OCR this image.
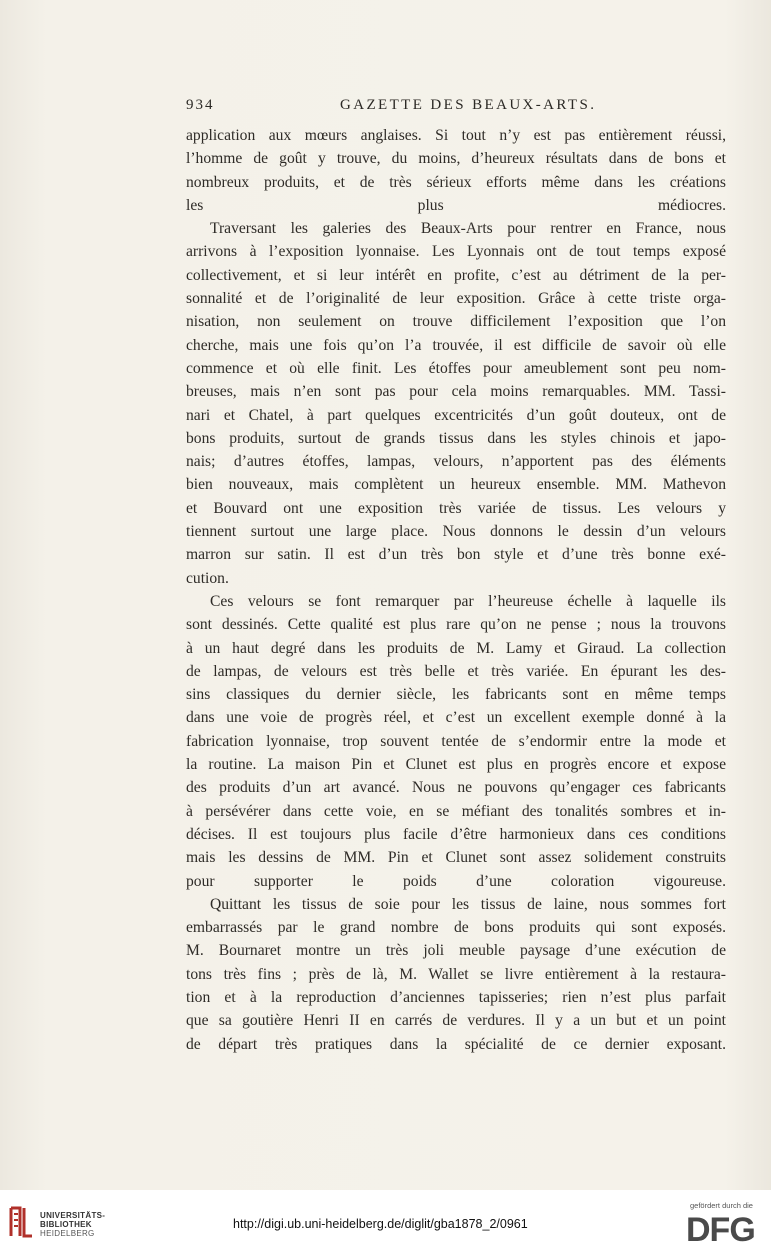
934	GAZETTE DES BEAUX-ARTS.
application aux mœurs anglaises. Si tout n’y est pas entièrement réussi,
l’homme de goût y trouve, du moins, d’heureux résultats dans de bons et
nombreux produits, et de très sérieux efforts même dans les créations
les plus médiocres.
Traversant les galeries des Beaux-Arts pour rentrer en France, nous
arrivons à l’exposition lyonnaise. Les Lyonnais ont de tout temps exposé
collectivement, et si leur intérêt en profite, c’est au détriment de la per-
sonnalité et de l’originalité de leur exposition. Grâce à cette triste orga-
nisation, non seulement on trouve difficilement l’exposition que l’on
cherche, mais une fois qu’on l’a trouvée, il est difficile de savoir où elle
commence et où elle finit. Les étoffes pour ameublement sont peu nom-
breuses, mais n’en sont pas pour cela moins remarquables. MM. Tassi-
nari et Chatel, à part quelques excentricités d’un goût douteux, ont de
bons produits, surtout de grands tissus dans les styles chinois et japo-
nais; d’autres étoffes, lampas, velours, n’apportent pas des éléments
bien nouveaux, mais complètent un heureux ensemble. MM. Mathevon
et Bouvard ont une exposition très variée de tissus. Les velours y
tiennent surtout une large place. Nous donnons le dessin d’un velours
marron sur satin. Il est d’un très bon style et d’une très bonne exé-
cution.
Ces velours se font remarquer par l’heureuse échelle à laquelle ils
sont dessinés. Cette qualité est plus rare qu’on ne pense ; nous la trouvons
à un haut degré dans les produits de M. Lamy et Giraud. La collection
de lampas, de velours est très belle et très variée. En épurant les des-
sins classiques du dernier siècle, les fabricants sont en même temps
dans une voie de progrès réel, et c’est un excellent exemple donné à la
fabrication lyonnaise, trop souvent tentée de s’endormir entre la mode et
la routine. La maison Pin et Clunet est plus en progrès encore et expose
des produits d’un art avancé. Nous ne pouvons qu’engager ces fabricants
à persévérer dans cette voie, en se méfiant des tonalités sombres et in-
décises. Il est toujours plus facile d’être harmonieux dans ces conditions
mais les dessins de MM. Pin et Clunet sont assez solidement construits
pour supporter le poids d’une coloration vigoureuse.
Quittant les tissus de soie pour les tissus de laine, nous sommes fort
embarrassés par le grand nombre de bons produits qui sont exposés.
M. Bournaret montre un très joli meuble paysage d’une exécution de
tons très fins ; près de là, M. Wallet se livre entièrement à la restaura-
tion et à la reproduction d’anciennes tapisseries; rien n’est plus parfait
que sa goutière Henri II en carrés de verdures. Il y a un but et un point
de départ très pratiques dans la spécialité de ce dernier exposant.
UNIVERSITÄTS-
BIBLIOTHEK
HEIDELBERG
http://digi.ub.uni-heidelberg.de/diglit/gba1878_2/0961
gefördert durch die
DFG
